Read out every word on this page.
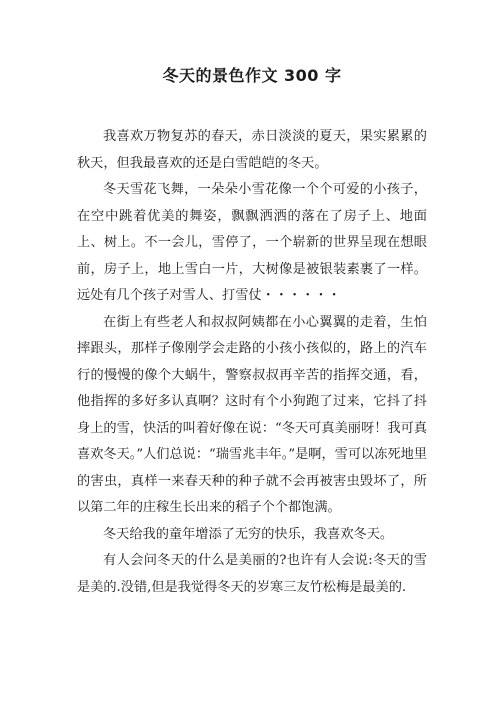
冬天的景色作文 300 字

我喜欢万物复苏的春天，赤日淡淡的夏天，果实累累的秋天，但我最喜欢的还是白雪皑皑的冬天。

冬天雪花飞舞，一朵朵小雪花像一个个可爱的小孩子，在空中跳着优美的舞姿，飘飘洒洒的落在了房子上、地面上、树上。不一会儿，雪停了，一个崭新的世界呈现在想眼前，房子上，地上雪白一片，大树像是被银装素裹了一样。远处有几个孩子对雪人、打雪仗・・・・・・

在街上有些老人和叔叔阿姨都在小心翼翼的走着，生怕摔跟头，那样子像刚学会走路的小孩小孩似的，路上的汽车行的慢慢的像个大蜗牛，警察叔叔再辛苦的指挥交通，看，他指挥的多好多认真啊？这时有个小狗跑了过来，它抖了抖身上的雪，快活的叫着好像在说：“冬天可真美丽呀！我可真喜欢冬天。”人们总说：“瑞雪兆丰年。”是啊，雪可以冻死地里的害虫，真样一来春天种的种子就不会再被害虫毁坏了，所以第二年的庄稼生长出来的稻子个个都饱满。

冬天给我的童年增添了无穷的快乐，我喜欢冬天。

有人会问冬天的什么是美丽的?也许有人会说:冬天的雪是美的.没错,但是我觉得冬天的岁寒三友竹松梅是最美的.
